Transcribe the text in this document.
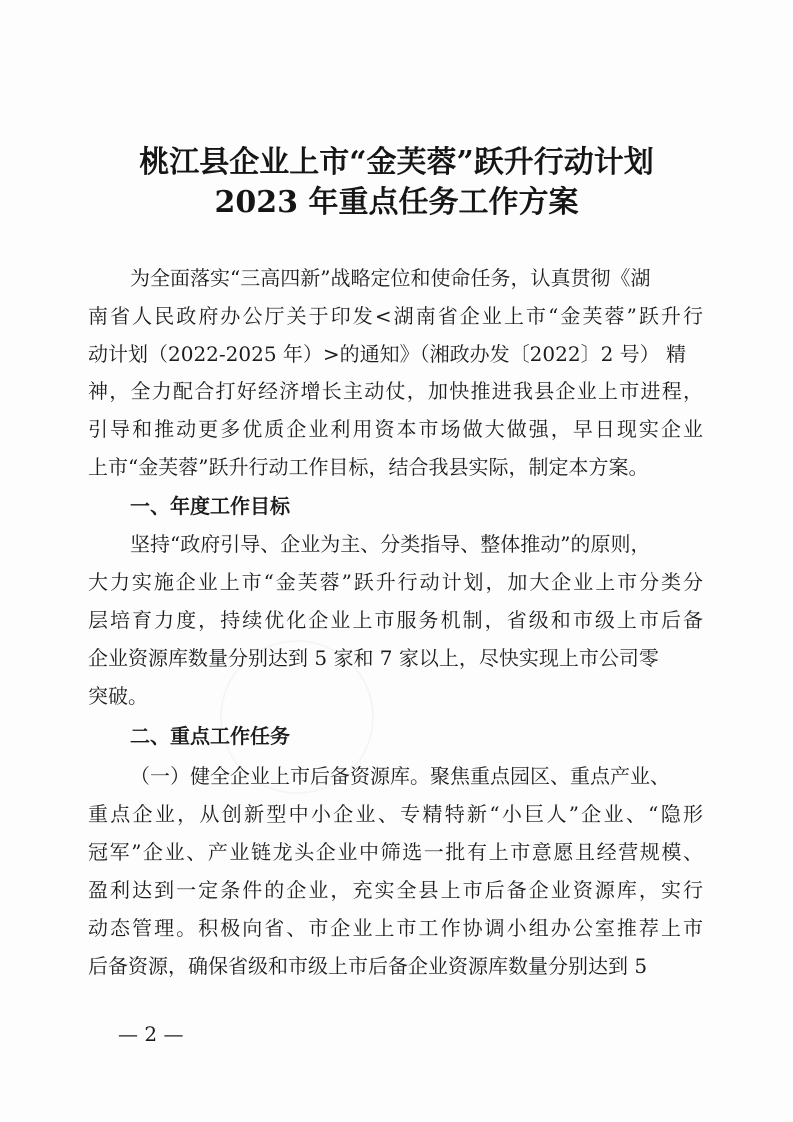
桃江县企业上市“金芙蓉”跃升行动计划
2023 年重点任务工作方案
为全面落实“三高四新”战略定位和使命任务，认真贯彻《湖
南省人民政府办公厅关于印发<湖南省企业上市“金芙蓉”跃升行
动计划（2022-2025 年）>的通知》（湘政办发〔2022〕2 号） 精
神，全力配合打好经济增长主动仗，加快推进我县企业上市进程，
引导和推动更多优质企业利用资本市场做大做强，早日现实企业
上市“金芙蓉”跃升行动工作目标，结合我县实际，制定本方案。
一、年度工作目标
坚持“政府引导、企业为主、分类指导、整体推动”的原则，
大力实施企业上市“金芙蓉”跃升行动计划，加大企业上市分类分
层培育力度，持续优化企业上市服务机制，省级和市级上市后备
企业资源库数量分别达到 5 家和 7 家以上，尽快实现上市公司零
突破。
二、重点工作任务
（一）健全企业上市后备资源库。聚焦重点园区、重点产业、
重点企业，从创新型中小企业、专精特新“小巨人”企业、“隐形
冠军”企业、产业链龙头企业中筛选一批有上市意愿且经营规模、
盈利达到一定条件的企业，充实全县上市后备企业资源库，实行
动态管理。积极向省、市企业上市工作协调小组办公室推荐上市
后备资源，确保省级和市级上市后备企业资源库数量分别达到 5
— 2 —
